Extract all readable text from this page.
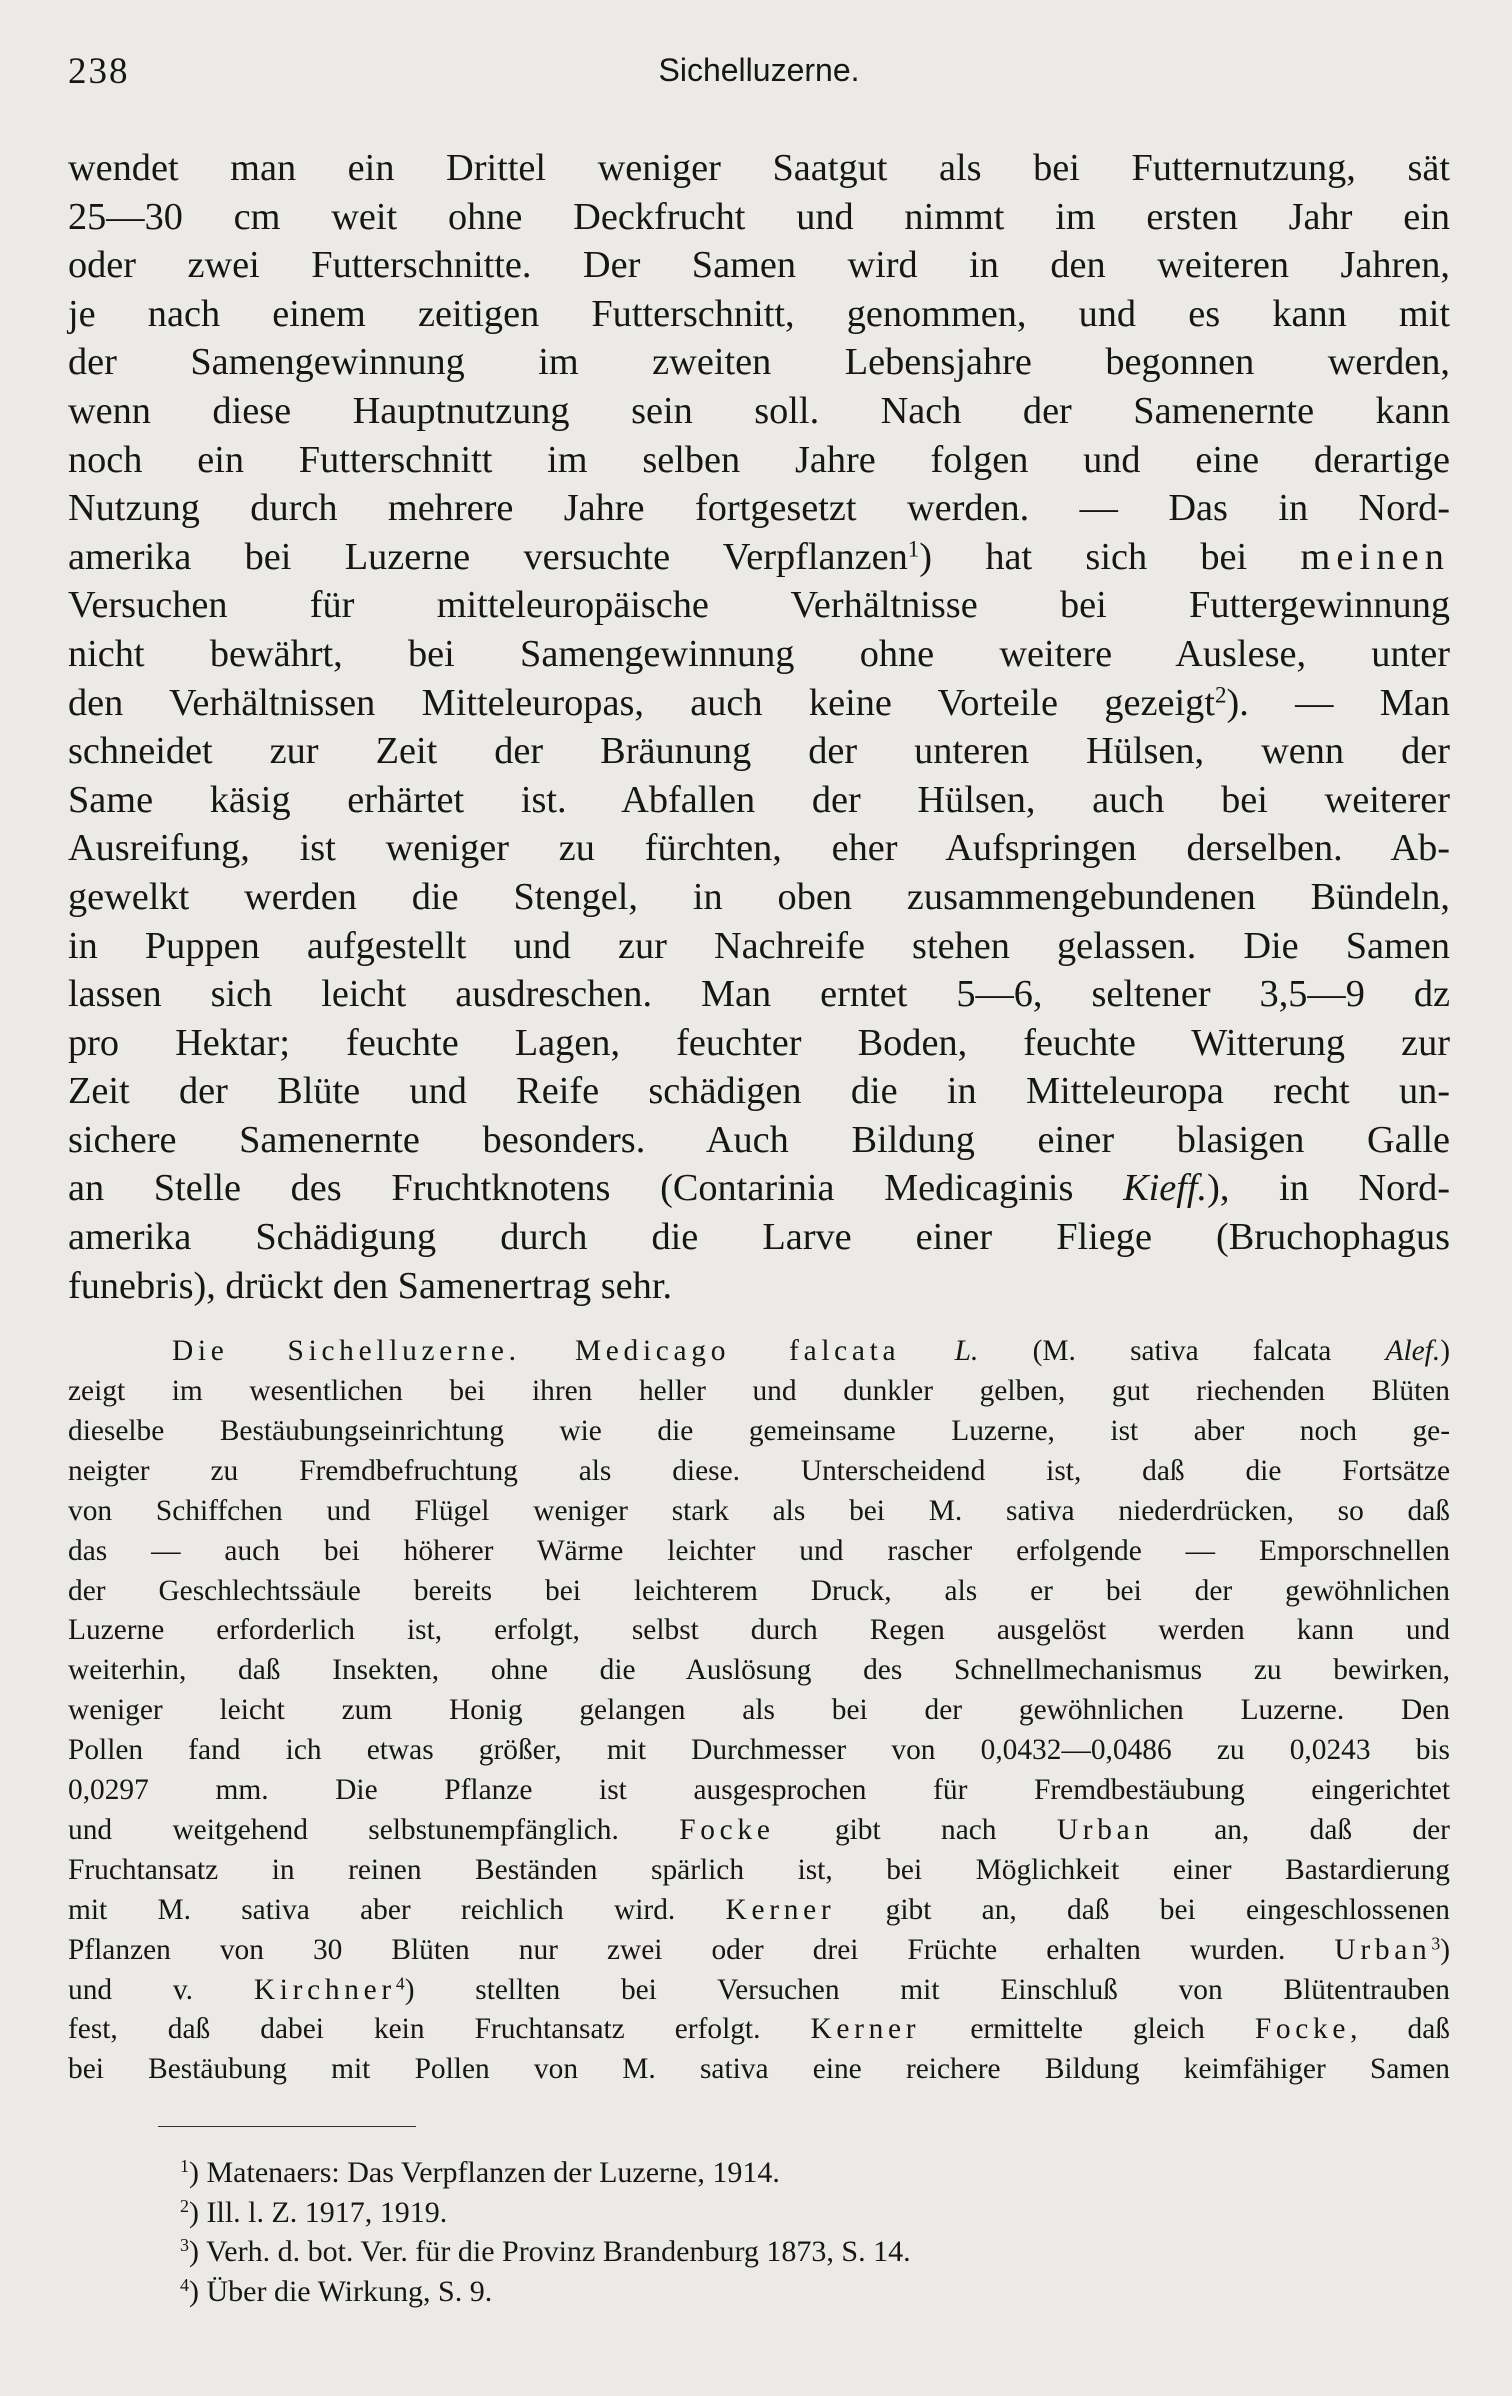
238	Sichelluzerne.
wendet man ein Drittel weniger Saatgut als bei Futternutzung, sät
25—30 cm weit ohne Deckfrucht und nimmt im ersten Jahr ein
oder zwei Futterschnitte. Der Samen wird in den weiteren Jahren,
je nach einem zeitigen Futterschnitt, genommen, und es kann mit
der Samengewinnung im zweiten Lebensjahre begonnen werden,
wenn diese Hauptnutzung sein soll. Nach der Samenernte kann
noch ein Futterschnitt im selben Jahre folgen und eine derartige
Nutzung durch mehrere Jahre fortgesetzt werden. — Das in Nord-
amerika bei Luzerne versuchte Verpflanzen$^1$) hat sich bei meinen
Versuchen für mitteleuropäische Verhältnisse bei Futtergewinnung
nicht bewährt, bei Samengewinnung ohne weitere Auslese, unter
den Verhältnissen Mitteleuropas, auch keine Vorteile gezeigt$^2$). — Man
schneidet zur Zeit der Bräunung der unteren Hülsen, wenn der
Same käsig erhärtet ist. Abfallen der Hülsen, auch bei weiterer
Ausreifung, ist weniger zu fürchten, eher Aufspringen derselben. Ab-
gewelkt werden die Stengel, in oben zusammengebundenen Bündeln,
in Puppen aufgestellt und zur Nachreife stehen gelassen. Die Samen
lassen sich leicht ausdreschen. Man erntet 5—6, seltener 3,5—9 dz
pro Hektar; feuchte Lagen, feuchter Boden, feuchte Witterung zur
Zeit der Blüte und Reife schädigen die in Mitteleuropa recht un-
sichere Samenernte besonders. Auch Bildung einer blasigen Galle
an Stelle des Fruchtknotens (Contarinia Medicaginis Kieff.), in Nord-
amerika Schädigung durch die Larve einer Fliege (Bruchophagus
funebris), drückt den Samenertrag sehr.
Die Sichelluzerne. Medicago falcata L. (M. sativa falcata Alef.)
zeigt im wesentlichen bei ihren heller und dunkler gelben, gut riechenden Blüten
dieselbe Bestäubungseinrichtung wie die gemeinsame Luzerne, ist aber noch ge-
neigter zu Fremdbefruchtung als diese. Unterscheidend ist, daß die Fortsätze
von Schiffchen und Flügel weniger stark als bei M. sativa niederdrücken, so daß
das — auch bei höherer Wärme leichter und rascher erfolgende — Emporschnellen
der Geschlechtssäule bereits bei leichterem Druck, als er bei der gewöhnlichen
Luzerne erforderlich ist, erfolgt, selbst durch Regen ausgelöst werden kann und
weiterhin, daß Insekten, ohne die Auslösung des Schnellmechanismus zu bewirken,
weniger leicht zum Honig gelangen als bei der gewöhnlichen Luzerne. Den
Pollen fand ich etwas größer, mit Durchmesser von 0,0432—0,0486 zu 0,0243 bis
0,0297 mm. Die Pflanze ist ausgesprochen für Fremdbestäubung eingerichtet
und weitgehend selbstunempfänglich. Focke gibt nach Urban an, daß der
Fruchtansatz in reinen Beständen spärlich ist, bei Möglichkeit einer Bastardierung
mit M. sativa aber reichlich wird. Kerner gibt an, daß bei eingeschlossenen
Pflanzen von 30 Blüten nur zwei oder drei Früchte erhalten wurden. Urban$^3$)
und v. Kirchner$^4$) stellten bei Versuchen mit Einschluß von Blütentrauben
fest, daß dabei kein Fruchtansatz erfolgt. Kerner ermittelte gleich Focke, daß
bei Bestäubung mit Pollen von M. sativa eine reichere Bildung keimfähiger Samen
$^1$) Matenaers: Das Verpflanzen der Luzerne, 1914.
$^2$) Ill. l. Z. 1917, 1919.
$^3$) Verh. d. bot. Ver. für die Provinz Brandenburg 1873, S. 14.
$^4$) Über die Wirkung, S. 9.
